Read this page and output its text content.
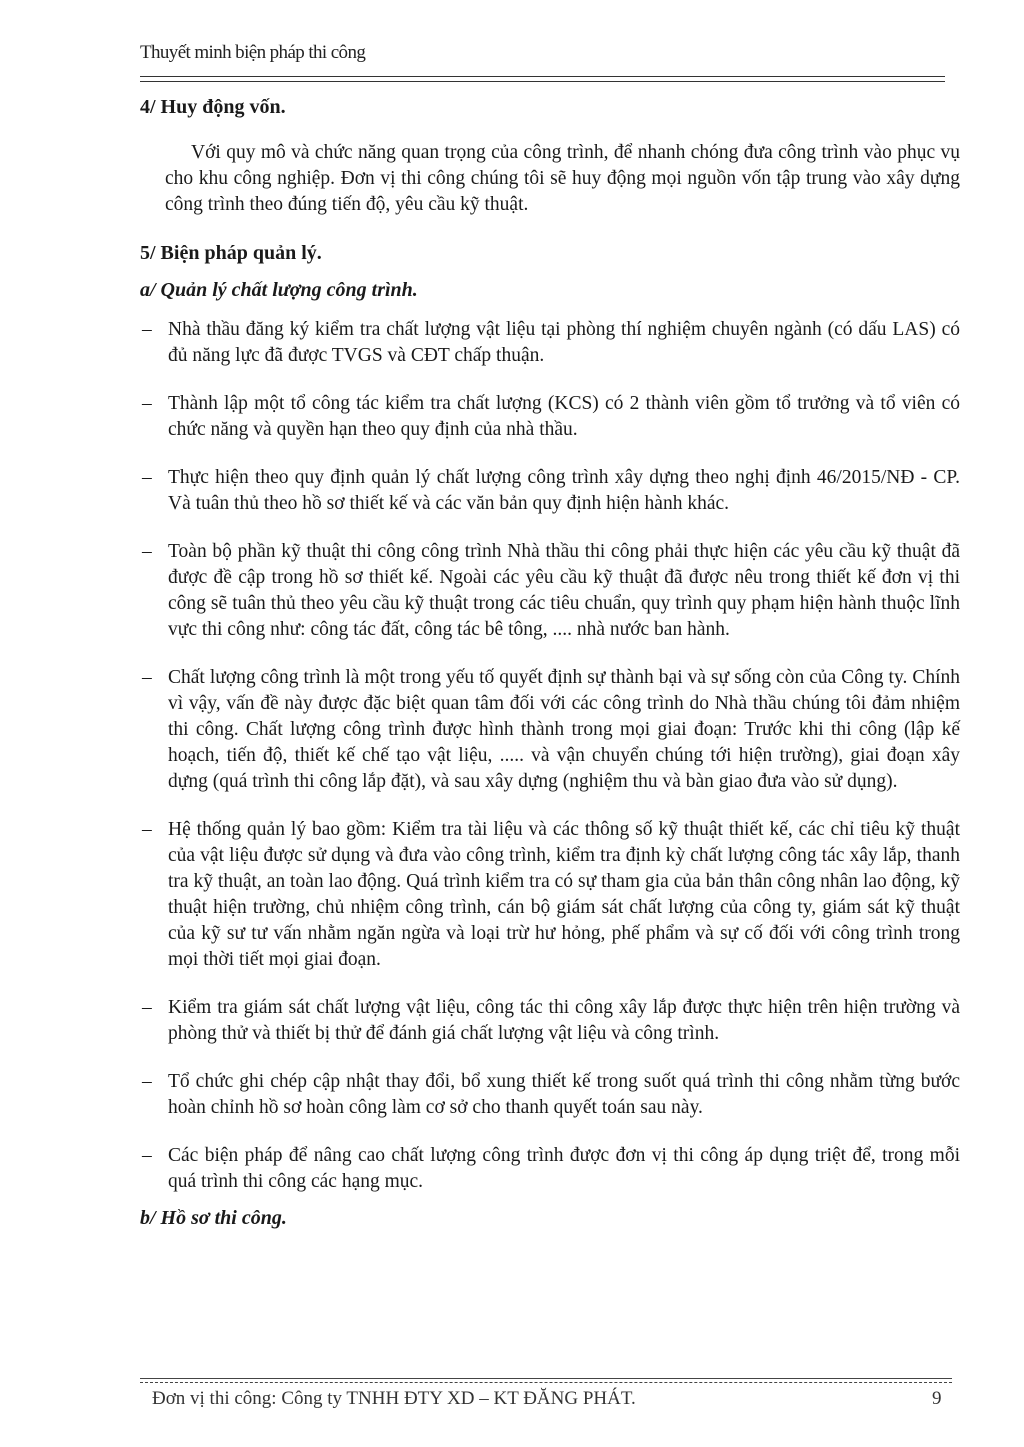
Thuyết minh biện pháp thi công
4/ Huy động vốn.

Với quy mô và chức năng quan trọng của công trình, để nhanh chóng đưa công trình vào phục vụ cho khu công nghiệp. Đơn vị thi công chúng tôi sẽ huy động mọi nguồn vốn tập trung vào xây dựng công trình theo đúng tiến độ, yêu cầu kỹ thuật.

5/ Biện pháp quản lý.
a/ Quản lý chất lượng công trình.
– Nhà thầu đăng ký kiểm tra chất lượng vật liệu tại phòng thí nghiệm chuyên ngành (có dấu LAS) có đủ năng lực đã được TVGS và CĐT chấp thuận.
– Thành lập một tổ công tác kiểm tra chất lượng (KCS) có 2 thành viên gồm tổ trưởng và tổ viên có chức năng và quyền hạn theo quy định của nhà thầu.
– Thực hiện theo quy định quản lý chất lượng công trình xây dựng theo nghị định 46/2015/NĐ - CP. Và tuân thủ theo hồ sơ thiết kế và các văn bản quy định hiện hành khác.
– Toàn bộ phần kỹ thuật thi công công trình Nhà thầu thi công phải thực hiện các yêu cầu kỹ thuật đã được đề cập trong hồ sơ thiết kế. Ngoài các yêu cầu kỹ thuật đã được nêu trong thiết kế đơn vị thi công sẽ tuân thủ theo yêu cầu kỹ thuật trong các tiêu chuẩn, quy trình quy phạm hiện hành thuộc lĩnh vực thi công như: công tác đất, công tác bê tông, .... nhà nước ban hành.
– Chất lượng công trình là một trong yếu tố quyết định sự thành bại và sự sống còn của Công ty. Chính vì vậy, vấn đề này được đặc biệt quan tâm đối với các công trình do Nhà thầu chúng tôi đảm nhiệm thi công. Chất lượng công trình được hình thành trong mọi giai đoạn: Trước khi thi công (lập kế hoạch, tiến độ, thiết kế chế tạo vật liệu, ..... và vận chuyển chúng tới hiện trường), giai đoạn xây dựng (quá trình thi công lắp đặt), và sau xây dựng (nghiệm thu và bàn giao đưa vào sử dụng).
– Hệ thống quản lý bao gồm: Kiểm tra tài liệu và các thông số kỹ thuật thiết kế, các chỉ tiêu kỹ thuật của vật liệu được sử dụng và đưa vào công trình, kiểm tra định kỳ chất lượng công tác xây lắp, thanh tra kỹ thuật, an toàn lao động. Quá trình kiểm tra có sự tham gia của bản thân công nhân lao động, kỹ thuật hiện trường, chủ nhiệm công trình, cán bộ giám sát chất lượng của công ty, giám sát kỹ thuật của kỹ sư tư vấn nhằm ngăn ngừa và loại trừ hư hỏng, phế phẩm và sự cố đối với công trình trong mọi thời tiết mọi giai đoạn.
– Kiểm tra giám sát chất lượng vật liệu, công tác thi công xây lắp được thực hiện trên hiện trường và phòng thử và thiết bị thử để đánh giá chất lượng vật liệu và công trình.
– Tổ chức ghi chép cập nhật thay đổi, bổ xung thiết kế trong suốt quá trình thi công nhằm từng bước hoàn chỉnh hồ sơ hoàn công làm cơ sở cho thanh quyết toán sau này.
– Các biện pháp để nâng cao chất lượng công trình được đơn vị thi công áp dụng triệt để, trong mỗi quá trình thi công các hạng mục.
b/ Hồ sơ thi công.
Đơn vị thi công: Công ty TNHH ĐTY XD – KT ĐĂNG PHÁT.	9
